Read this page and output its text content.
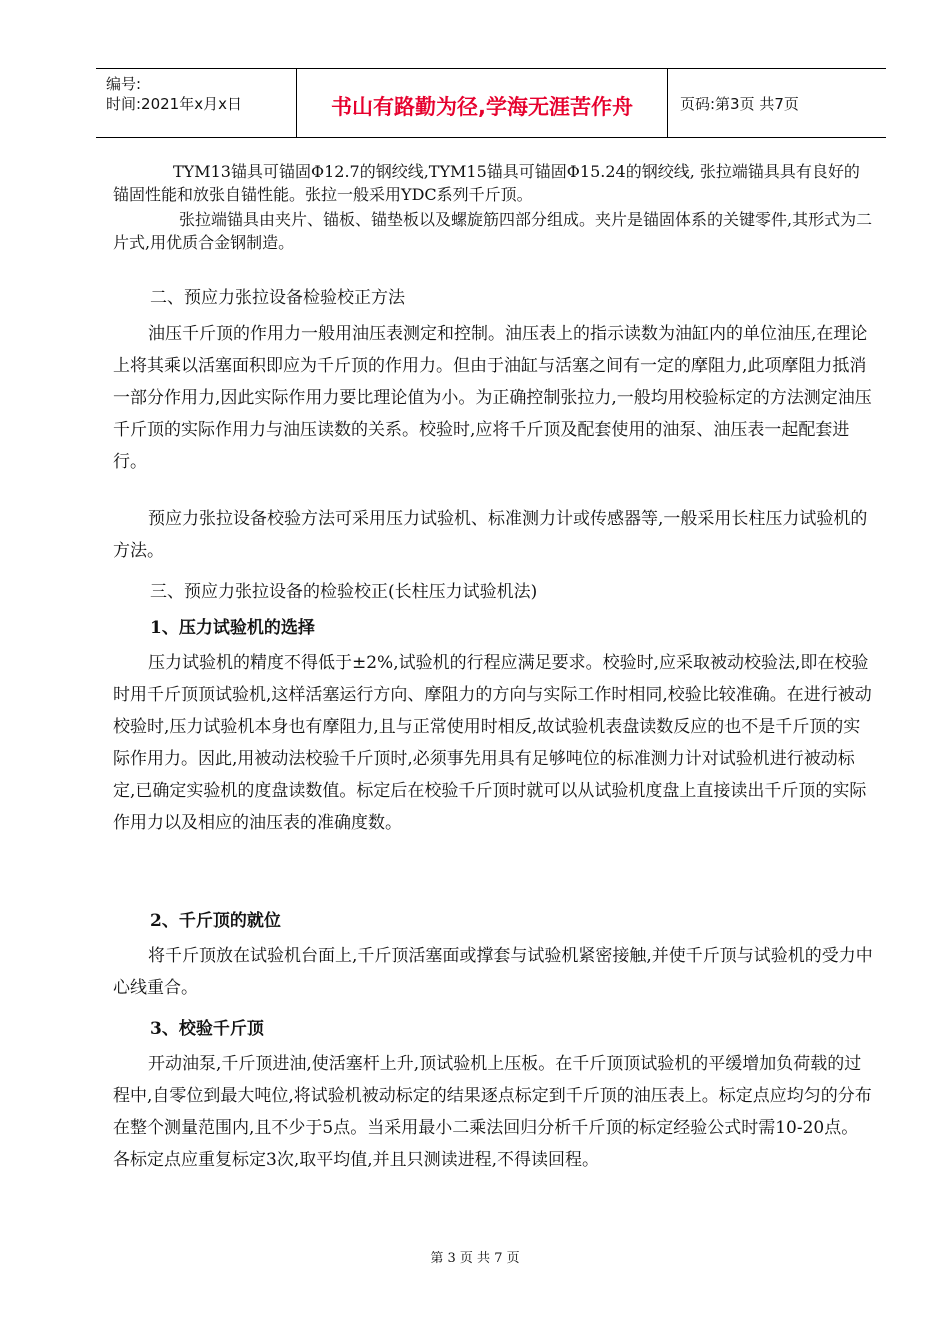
编号:
时间:2021年x月x日	书山有路勤为径,学海无涯苦作舟	页码:第3页 共7页

TYM13锚具可锚固Φ12.7的钢绞线,TYM15锚具可锚固Φ15.24的钢绞线, 张拉端锚具具有良好的锚固性能和放张自锚性能。张拉一般采用YDC系列千斤顶。

张拉端锚具由夹片、锚板、锚垫板以及螺旋筋四部分组成。夹片是锚固体系的关键零件,其形式为二片式,用优质合金钢制造。

二、预应力张拉设备检验校正方法

油压千斤顶的作用力一般用油压表测定和控制。油压表上的指示读数为油缸内的单位油压,在理论上将其乘以活塞面积即应为千斤顶的作用力。但由于油缸与活塞之间有一定的摩阻力,此项摩阻力抵消一部分作用力,因此实际作用力要比理论值为小。为正确控制张拉力,一般均用校验标定的方法测定油压千斤顶的实际作用力与油压读数的关系。校验时,应将千斤顶及配套使用的油泵、油压表一起配套进行。

预应力张拉设备校验方法可采用压力试验机、标准测力计或传感器等,一般采用长柱压力试验机的方法。

三、预应力张拉设备的检验校正(长柱压力试验机法)

1、压力试验机的选择

压力试验机的精度不得低于±2%,试验机的行程应满足要求。校验时,应采取被动校验法,即在校验时用千斤顶顶试验机,这样活塞运行方向、摩阻力的方向与实际工作时相同,校验比较准确。在进行被动校验时,压力试验机本身也有摩阻力,且与正常使用时相反,故试验机表盘读数反应的也不是千斤顶的实际作用力。因此,用被动法校验千斤顶时,必须事先用具有足够吨位的标准测力计对试验机进行被动标定,已确定实验机的度盘读数值。标定后在校验千斤顶时就可以从试验机度盘上直接读出千斤顶的实际作用力以及相应的油压表的准确度数。

2、千斤顶的就位

将千斤顶放在试验机台面上,千斤顶活塞面或撑套与试验机紧密接触,并使千斤顶与试验机的受力中心线重合。

3、校验千斤顶

开动油泵,千斤顶进油,使活塞杆上升,顶试验机上压板。在千斤顶顶试验机的平缓增加负荷载的过程中,自零位到最大吨位,将试验机被动标定的结果逐点标定到千斤顶的油压表上。标定点应均匀的分布在整个测量范围内,且不少于5点。当采用最小二乘法回归分析千斤顶的标定经验公式时需10-20点。各标定点应重复标定3次,取平均值,并且只测读进程,不得读回程。

第 3 页 共 7 页
